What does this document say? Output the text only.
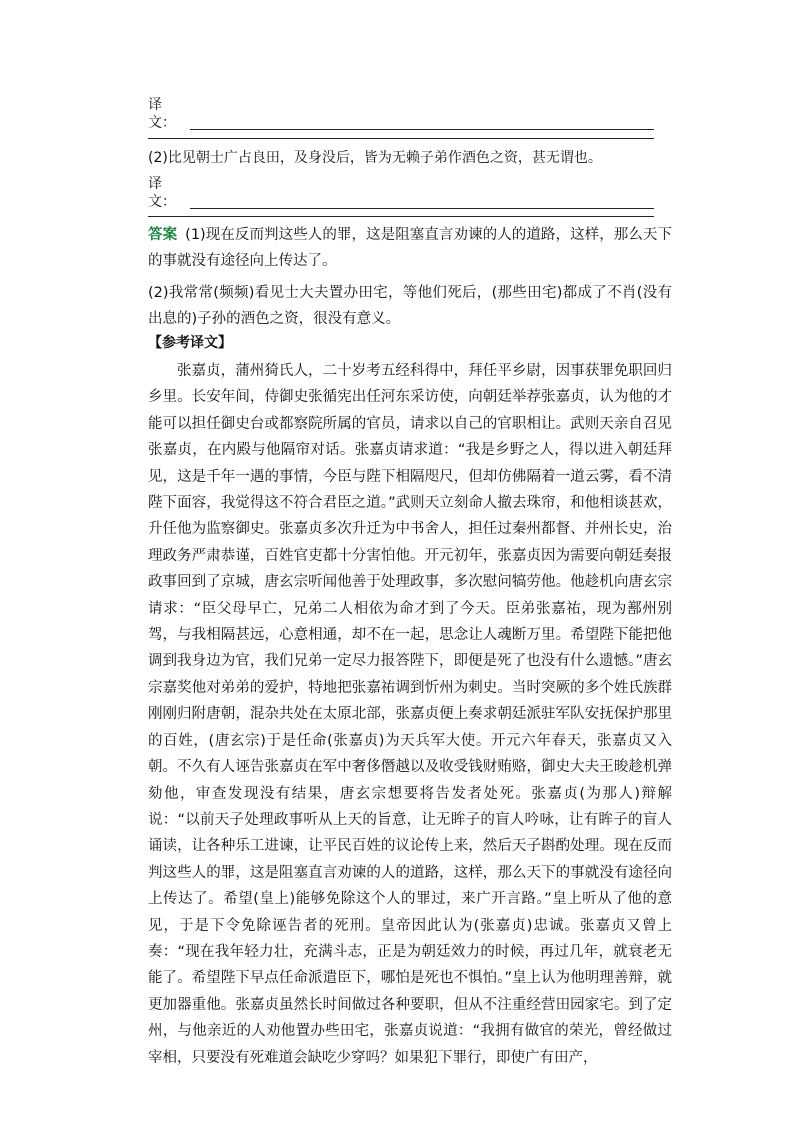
译文：
(2)比见朝士广占良田，及身没后，皆为无赖子弟作酒色之资，甚无谓也。
译文：

答案 (1)现在反而判这些人的罪，这是阻塞直言劝谏的人的道路，这样，那么天下的事就没有途径向上传达了。

(2)我常常(频频)看见士大夫置办田宅，等他们死后，(那些田宅)都成了不肖(没有出息的)子孙的酒色之资，很没有意义。

【参考译文】

张嘉贞，蒲州猗氏人，二十岁考五经科得中，拜任平乡尉，因事获罪免职回归乡里。长安年间，侍御史张循宪出任河东采访使，向朝廷举荐张嘉贞，认为他的才能可以担任御史台或都察院所属的官员，请求以自己的官职相让。武则天亲自召见张嘉贞，在内殿与他隔帘对话。张嘉贞请求道：“我是乡野之人，得以进入朝廷拜见，这是千年一遇的事情，今臣与陛下相隔咫尺，但却仿佛隔着一道云雾，看不清陛下面容，我觉得这不符合君臣之道。”武则天立刻命人撤去珠帘，和他相谈甚欢，升任他为监察御史。张嘉贞多次升迁为中书舍人，担任过秦州都督、并州长史，治理政务严肃恭谨，百姓官吏都十分害怕他。开元初年，张嘉贞因为需要向朝廷奏报政事回到了京城，唐玄宗听闻他善于处理政事，多次慰问犒劳他。他趁机向唐玄宗请求：“臣父母早亡，兄弟二人相依为命才到了今天。臣弟张嘉祐，现为鄯州别驾，与我相隔甚远，心意相通，却不在一起，思念让人魂断万里。希望陛下能把他调到我身边为官，我们兄弟一定尽力报答陛下，即便是死了也没有什么遗憾。”唐玄宗嘉奖他对弟弟的爱护，特地把张嘉祐调到忻州为刺史。当时突厥的多个姓氏族群刚刚归附唐朝，混杂共处在太原北部，张嘉贞便上奏求朝廷派驻军队安抚保护那里的百姓，(唐玄宗)于是任命(张嘉贞)为天兵军大使。开元六年春天，张嘉贞又入朝。不久有人诬告张嘉贞在军中奢侈僭越以及收受钱财贿赂，御史大夫王晙趁机弹劾他，审查发现没有结果，唐玄宗想要将告发者处死。张嘉贞(为那人)辩解说：“以前天子处理政事听从上天的旨意，让无眸子的盲人吟咏，让有眸子的盲人诵读，让各种乐工进谏，让平民百姓的议论传上来，然后天子斟酌处理。现在反而判这些人的罪，这是阻塞直言劝谏的人的道路，这样，那么天下的事就没有途径向上传达了。希望(皇上)能够免除这个人的罪过，来广开言路。”皇上听从了他的意见，于是下令免除诬告者的死刑。皇帝因此认为(张嘉贞)忠诚。张嘉贞又曾上奏：“现在我年轻力壮，充满斗志，正是为朝廷效力的时候，再过几年，就衰老无能了。希望陛下早点任命派遣臣下，哪怕是死也不惧怕。”皇上认为他明理善辩，就更加器重他。张嘉贞虽然长时间做过各种要职，但从不注重经营田园家宅。到了定州，与他亲近的人劝他置办些田宅，张嘉贞说道：“我拥有做官的荣光，曾经做过宰相，只要没有死难道会缺吃少穿吗？如果犯下罪行，即使广有田产，
